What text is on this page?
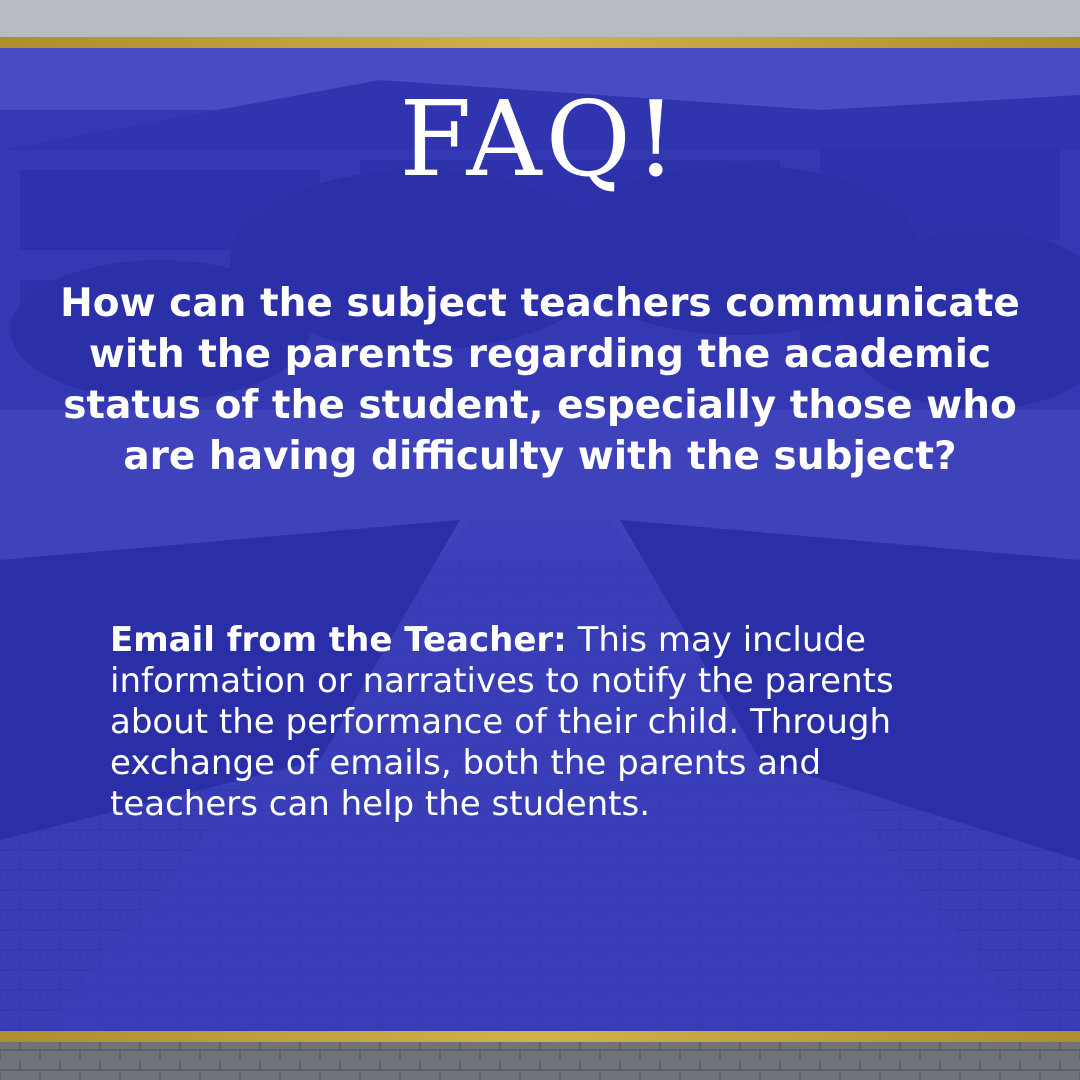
FAQ!

How can the subject teachers communicate with the parents regarding the academic status of the student, especially those who are having difficulty with the subject?

Email from the Teacher: This may include information or narratives to notify the parents about the performance of their child. Through exchange of emails, both the parents and teachers can help the students.
